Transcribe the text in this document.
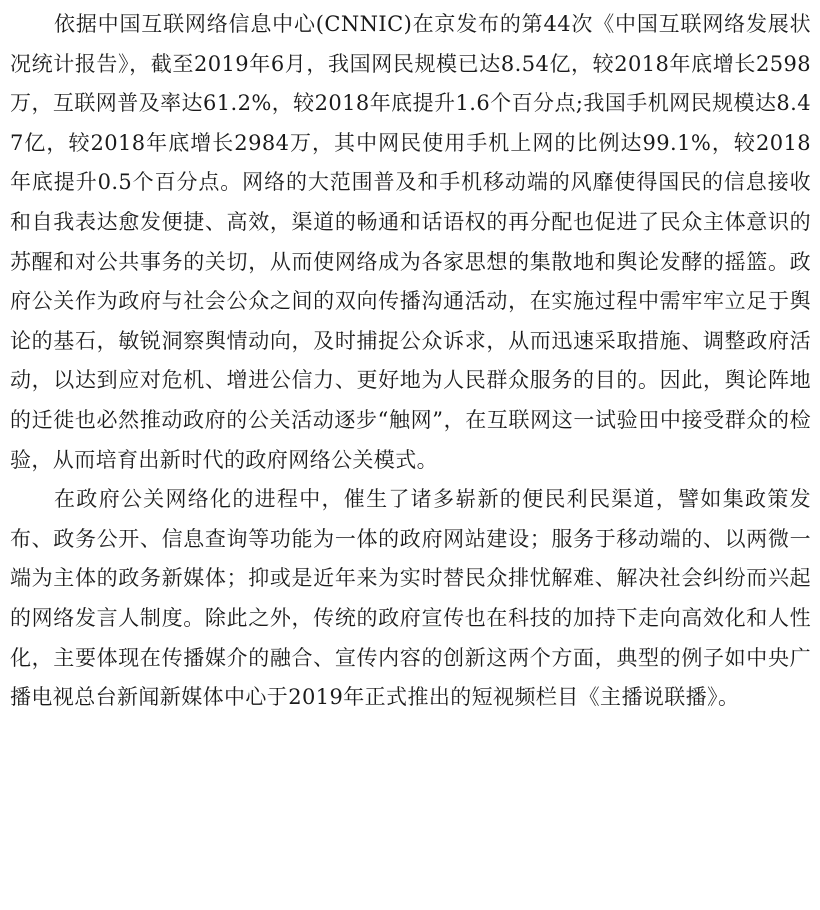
依据中国互联网络信息中心(CNNIC)在京发布的第44次《中国互联网络发展状况统计报告》，截至2019年6月，我国网民规模已达8.54亿，较2018年底增长2598万，互联网普及率达61.2%，较2018年底提升1.6个百分点;我国手机网民规模达8.47亿，较2018年底增长2984万，其中网民使用手机上网的比例达99.1%，较2018年底提升0.5个百分点。网络的大范围普及和手机移动端的风靡使得国民的信息接收和自我表达愈发便捷、高效，渠道的畅通和话语权的再分配也促进了民众主体意识的苏醒和对公共事务的关切，从而使网络成为各家思想的集散地和舆论发酵的摇篮。政府公关作为政府与社会公众之间的双向传播沟通活动，在实施过程中需牢牢立足于舆论的基石，敏锐洞察舆情动向，及时捕捉公众诉求，从而迅速采取措施、调整政府活动，以达到应对危机、增进公信力、更好地为人民群众服务的目的。因此，舆论阵地的迁徙也必然推动政府的公关活动逐步“触网”，在互联网这一试验田中接受群众的检验，从而培育出新时代的政府网络公关模式。

在政府公关网络化的进程中，催生了诸多崭新的便民利民渠道，譬如集政策发布、政务公开、信息查询等功能为一体的政府网站建设；服务于移动端的、以两微一端为主体的政务新媒体；抑或是近年来为实时替民众排忧解难、解决社会纠纷而兴起的网络发言人制度。除此之外，传统的政府宣传也在科技的加持下走向高效化和人性化，主要体现在传播媒介的融合、宣传内容的创新这两个方面，典型的例子如中央广播电视总台新闻新媒体中心于2019年正式推出的短视频栏目《主播说联播》。
